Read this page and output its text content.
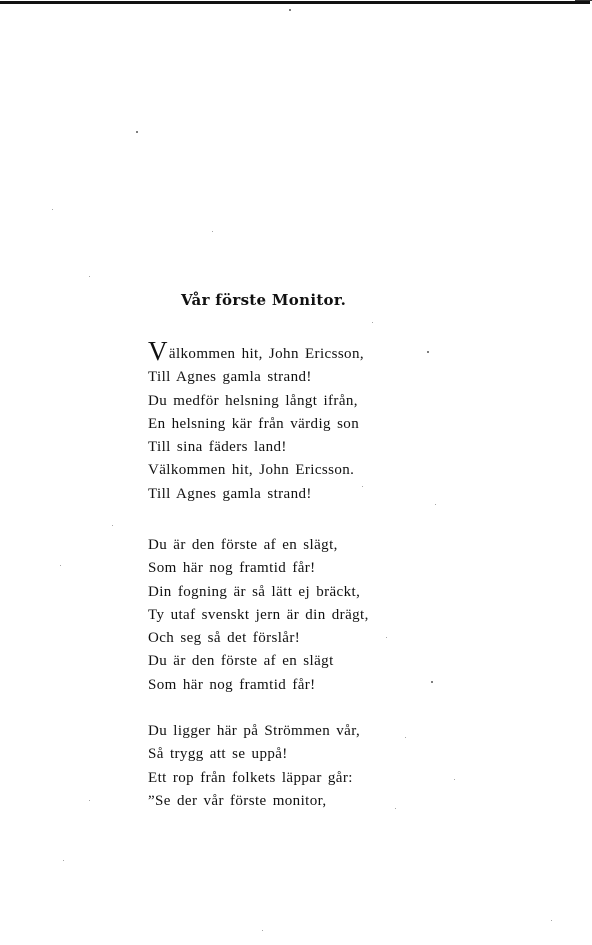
Vår förste Monitor.
Välkommen hit, John Ericsson,
Till Agnes gamla strand!
Du medför helsning långt ifrån,
En helsning kär från värdig son
Till sina fäders land!
Välkommen hit, John Ericsson.
Till Agnes gamla strand!
Du är den förste af en slägt,
Som här nog framtid får!
Din fogning är så lätt ej bräckt,
Ty utaf svenskt jern är din drägt,
Och seg så det förslår!
Du är den förste af en slägt
Som här nog framtid får!
Du ligger här på Strömmen vår,
Så trygg att se uppå!
Ett rop från folkets läppar går:
”Se der vår förste monitor,
